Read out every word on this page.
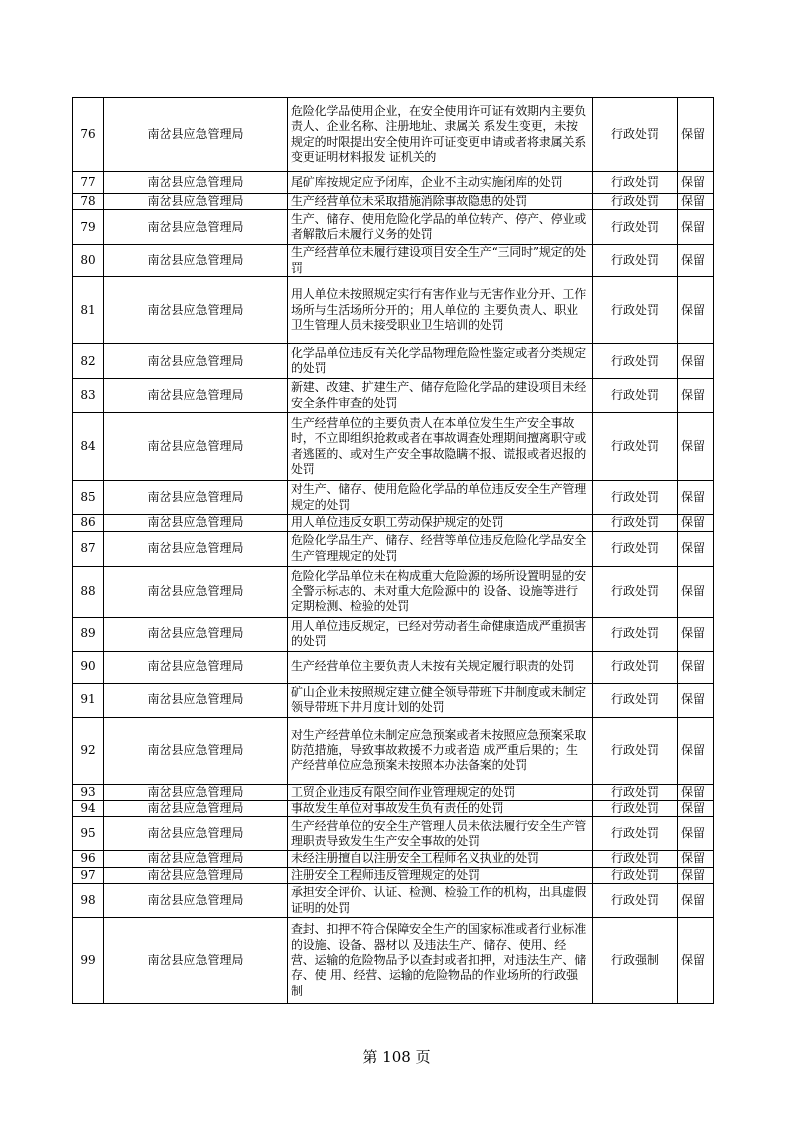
76	南岔县应急管理局	危险化学品使用企业，在安全使用许可证有效期内主要负责人、企业名称、注册地址、隶属关 系发生变更，未按规定的时限提出安全使用许可证变更申请或者将隶属关系变更证明材料报发 证机关的	行政处罚	保留
77	南岔县应急管理局	尾矿库按规定应予闭库，企业不主动实施闭库的处罚	行政处罚	保留
78	南岔县应急管理局	生产经营单位未采取措施消除事故隐患的处罚	行政处罚	保留
79	南岔县应急管理局	生产、储存、使用危险化学品的单位转产、停产、停业或者解散后未履行义务的处罚	行政处罚	保留
80	南岔县应急管理局	生产经营单位未履行建设项目安全生产“三同时”规定的处罚	行政处罚	保留
81	南岔县应急管理局	用人单位未按照规定实行有害作业与无害作业分开、工作场所与生活场所分开的；用人单位的 主要负责人、职业卫生管理人员未接受职业卫生培训的处罚	行政处罚	保留
82	南岔县应急管理局	化学品单位违反有关化学品物理危险性鉴定或者分类规定的处罚	行政处罚	保留
83	南岔县应急管理局	新建、改建、扩建生产、储存危险化学品的建设项目未经安全条件审查的处罚	行政处罚	保留
84	南岔县应急管理局	生产经营单位的主要负责人在本单位发生生产安全事故时，不立即组织抢救或者在事故调查处理期间擅离职守或者逃匿的、或对生产安全事故隐瞒不报、谎报或者迟报的处罚	行政处罚	保留
85	南岔县应急管理局	对生产、储存、使用危险化学品的单位违反安全生产管理规定的处罚	行政处罚	保留
86	南岔县应急管理局	用人单位违反女职工劳动保护规定的处罚	行政处罚	保留
87	南岔县应急管理局	危险化学品生产、储存、经营等单位违反危险化学品安全生产管理规定的处罚	行政处罚	保留
88	南岔县应急管理局	危险化学品单位未在构成重大危险源的场所设置明显的安全警示标志的、未对重大危险源中的 设备、设施等进行定期检测、检验的处罚	行政处罚	保留
89	南岔县应急管理局	用人单位违反规定，已经对劳动者生命健康造成严重损害的处罚	行政处罚	保留
90	南岔县应急管理局	生产经营单位主要负责人未按有关规定履行职责的处罚	行政处罚	保留
91	南岔县应急管理局	矿山企业未按照规定建立健全领导带班下井制度或未制定领导带班下井月度计划的处罚	行政处罚	保留
92	南岔县应急管理局	对生产经营单位未制定应急预案或者未按照应急预案采取防范措施，导致事故救援不力或者造 成严重后果的；生产经营单位应急预案未按照本办法备案的处罚	行政处罚	保留
93	南岔县应急管理局	工贸企业违反有限空间作业管理规定的处罚	行政处罚	保留
94	南岔县应急管理局	事故发生单位对事故发生负有责任的处罚	行政处罚	保留
95	南岔县应急管理局	生产经营单位的安全生产管理人员未依法履行安全生产管理职责导致发生生产安全事故的处罚	行政处罚	保留
96	南岔县应急管理局	未经注册擅自以注册安全工程师名义执业的处罚	行政处罚	保留
97	南岔县应急管理局	注册安全工程师违反管理规定的处罚	行政处罚	保留
98	南岔县应急管理局	承担安全评价、认证、检测、检验工作的机构，出具虚假证明的处罚	行政处罚	保留
99	南岔县应急管理局	查封、扣押不符合保障安全生产的国家标准或者行业标准的设施、设备、器材以 及违法生产、储存、使用、经营、运输的危险物品予以查封或者扣押，对违法生产、储存、使 用、经营、运输的危险物品的作业场所的行政强制	行政强制	保留
第 108 页
